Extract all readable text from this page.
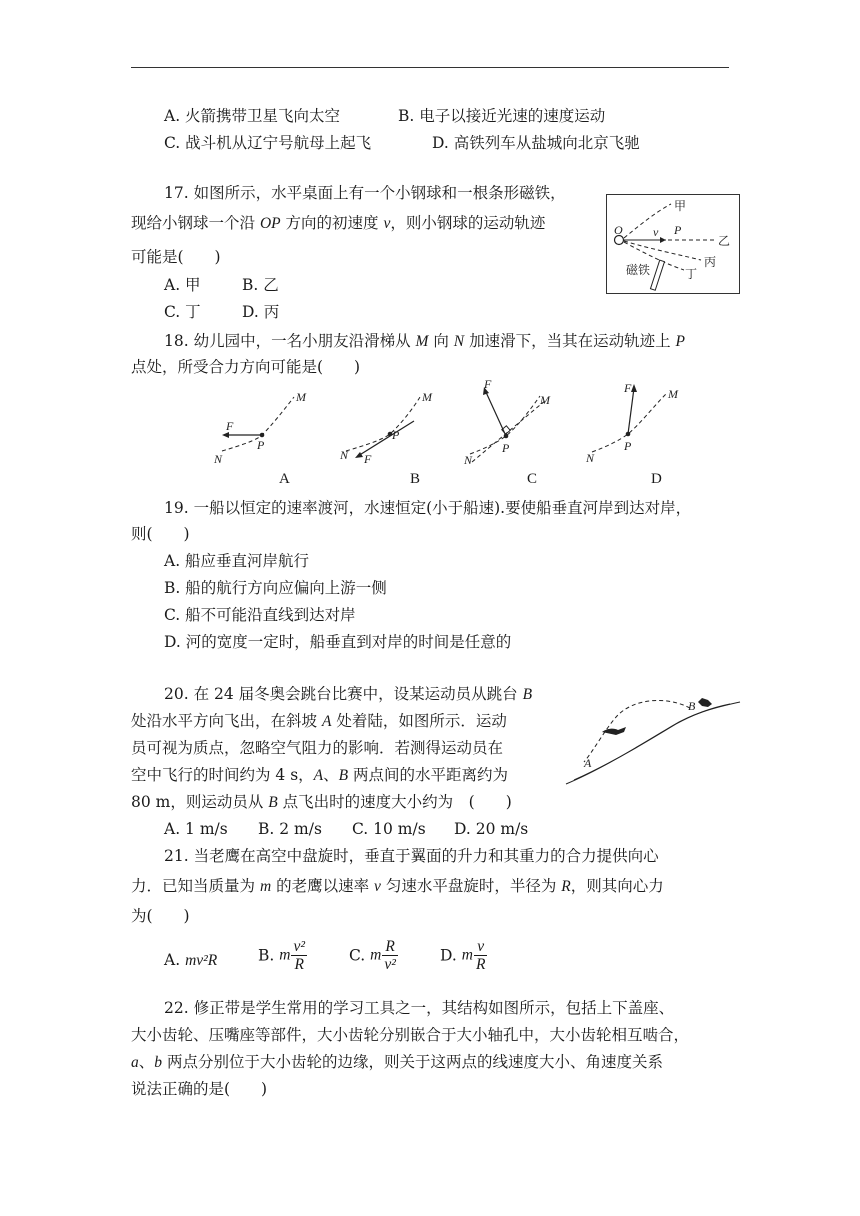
A. 火箭携带卫星飞向太空	B. 电子以接近光速的速度运动
C. 战斗机从辽宁号航母上起飞	D. 高铁列车从盐城向北京飞驰
17. 如图所示，水平桌面上有一个小钢球和一根条形磁铁，
现给小钢球一个沿 OP 方向的初速度 v，则小钢球的运动轨迹
可能是(　　)
A. 甲	B. 乙
C. 丁	D. 丙
O	v P
甲
乙
丙
丁
磁铁
18. 幼儿园中，一名小朋友沿滑梯从 M 向 N 加速滑下，当其在运动轨迹上 P
点处，所受合力方向可能是(　　)
F
M
N
P
A
F
M
N
P
B
F
M
N
P
C
F	M
N
P
D
19. 一船以恒定的速率渡河，水速恒定(小于船速).要使船垂直河岸到达对岸，
则(　　)
A. 船应垂直河岸航行
B. 船的航行方向应偏向上游一侧
C. 船不可能沿直线到达对岸
D. 河的宽度一定时，船垂直到对岸的时间是任意的
20. 在 24 届冬奥会跳台比赛中，设某运动员从跳台 B
处沿水平方向飞出，在斜坡 A 处着陆，如图所示．运动
员可视为质点，忽略空气阻力的影响．若测得运动员在
空中飞行的时间约为 4 s，A、B 两点间的水平距离约为
80 m，则运动员从 B 点飞出时的速度大小约为　(　　)
A. 1 m/s B. 2 m/s C. 10 m/s D. 20 m/s
A
B
21. 当老鹰在高空中盘旋时，垂直于翼面的升力和其重力的合力提供向心
力．已知当质量为 m 的老鹰以速率 v 匀速水平盘旋时，半径为 R，则其向心力
为(　　)
A. mv²R	B. m $\frac{\text{v²}}{R}$	C. m $\frac{R}{\text{v²}}$	D. m $\frac{v}{R}$
22. 修正带是学生常用的学习工具之一，其结构如图所示，包括上下盖座、
大小齿轮、压嘴座等部件，大小齿轮分别嵌合于大小轴孔中，大小齿轮相互啮合，
a、b 两点分别位于大小齿轮的边缘，则关于这两点的线速度大小、角速度关系
说法正确的是(　　)
